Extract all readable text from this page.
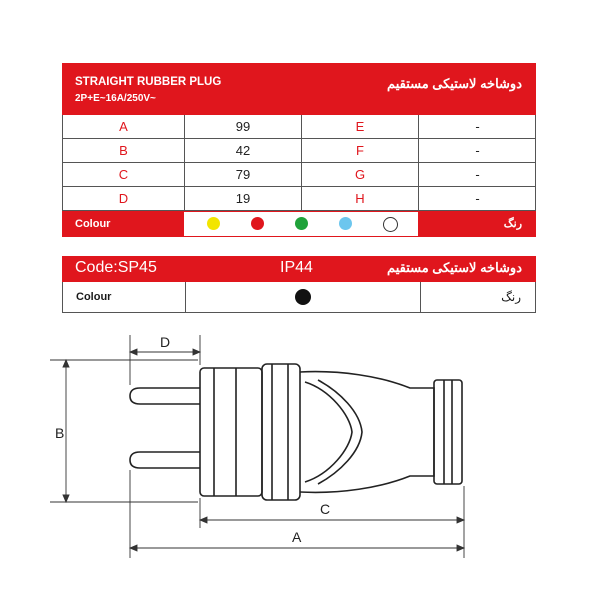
STRAIGHT RUBBER PLUG
2P+E~16A/250V~
دوشاخه لاستیکی مستقیم
A	99	E	-
B	42	F	-
C	79	G	-
D	19	H	-
Colour	رنگ
Code:SP45	IP44	دوشاخه لاستیکی مستقیم
Colour	رنگ
D
B
C
A
